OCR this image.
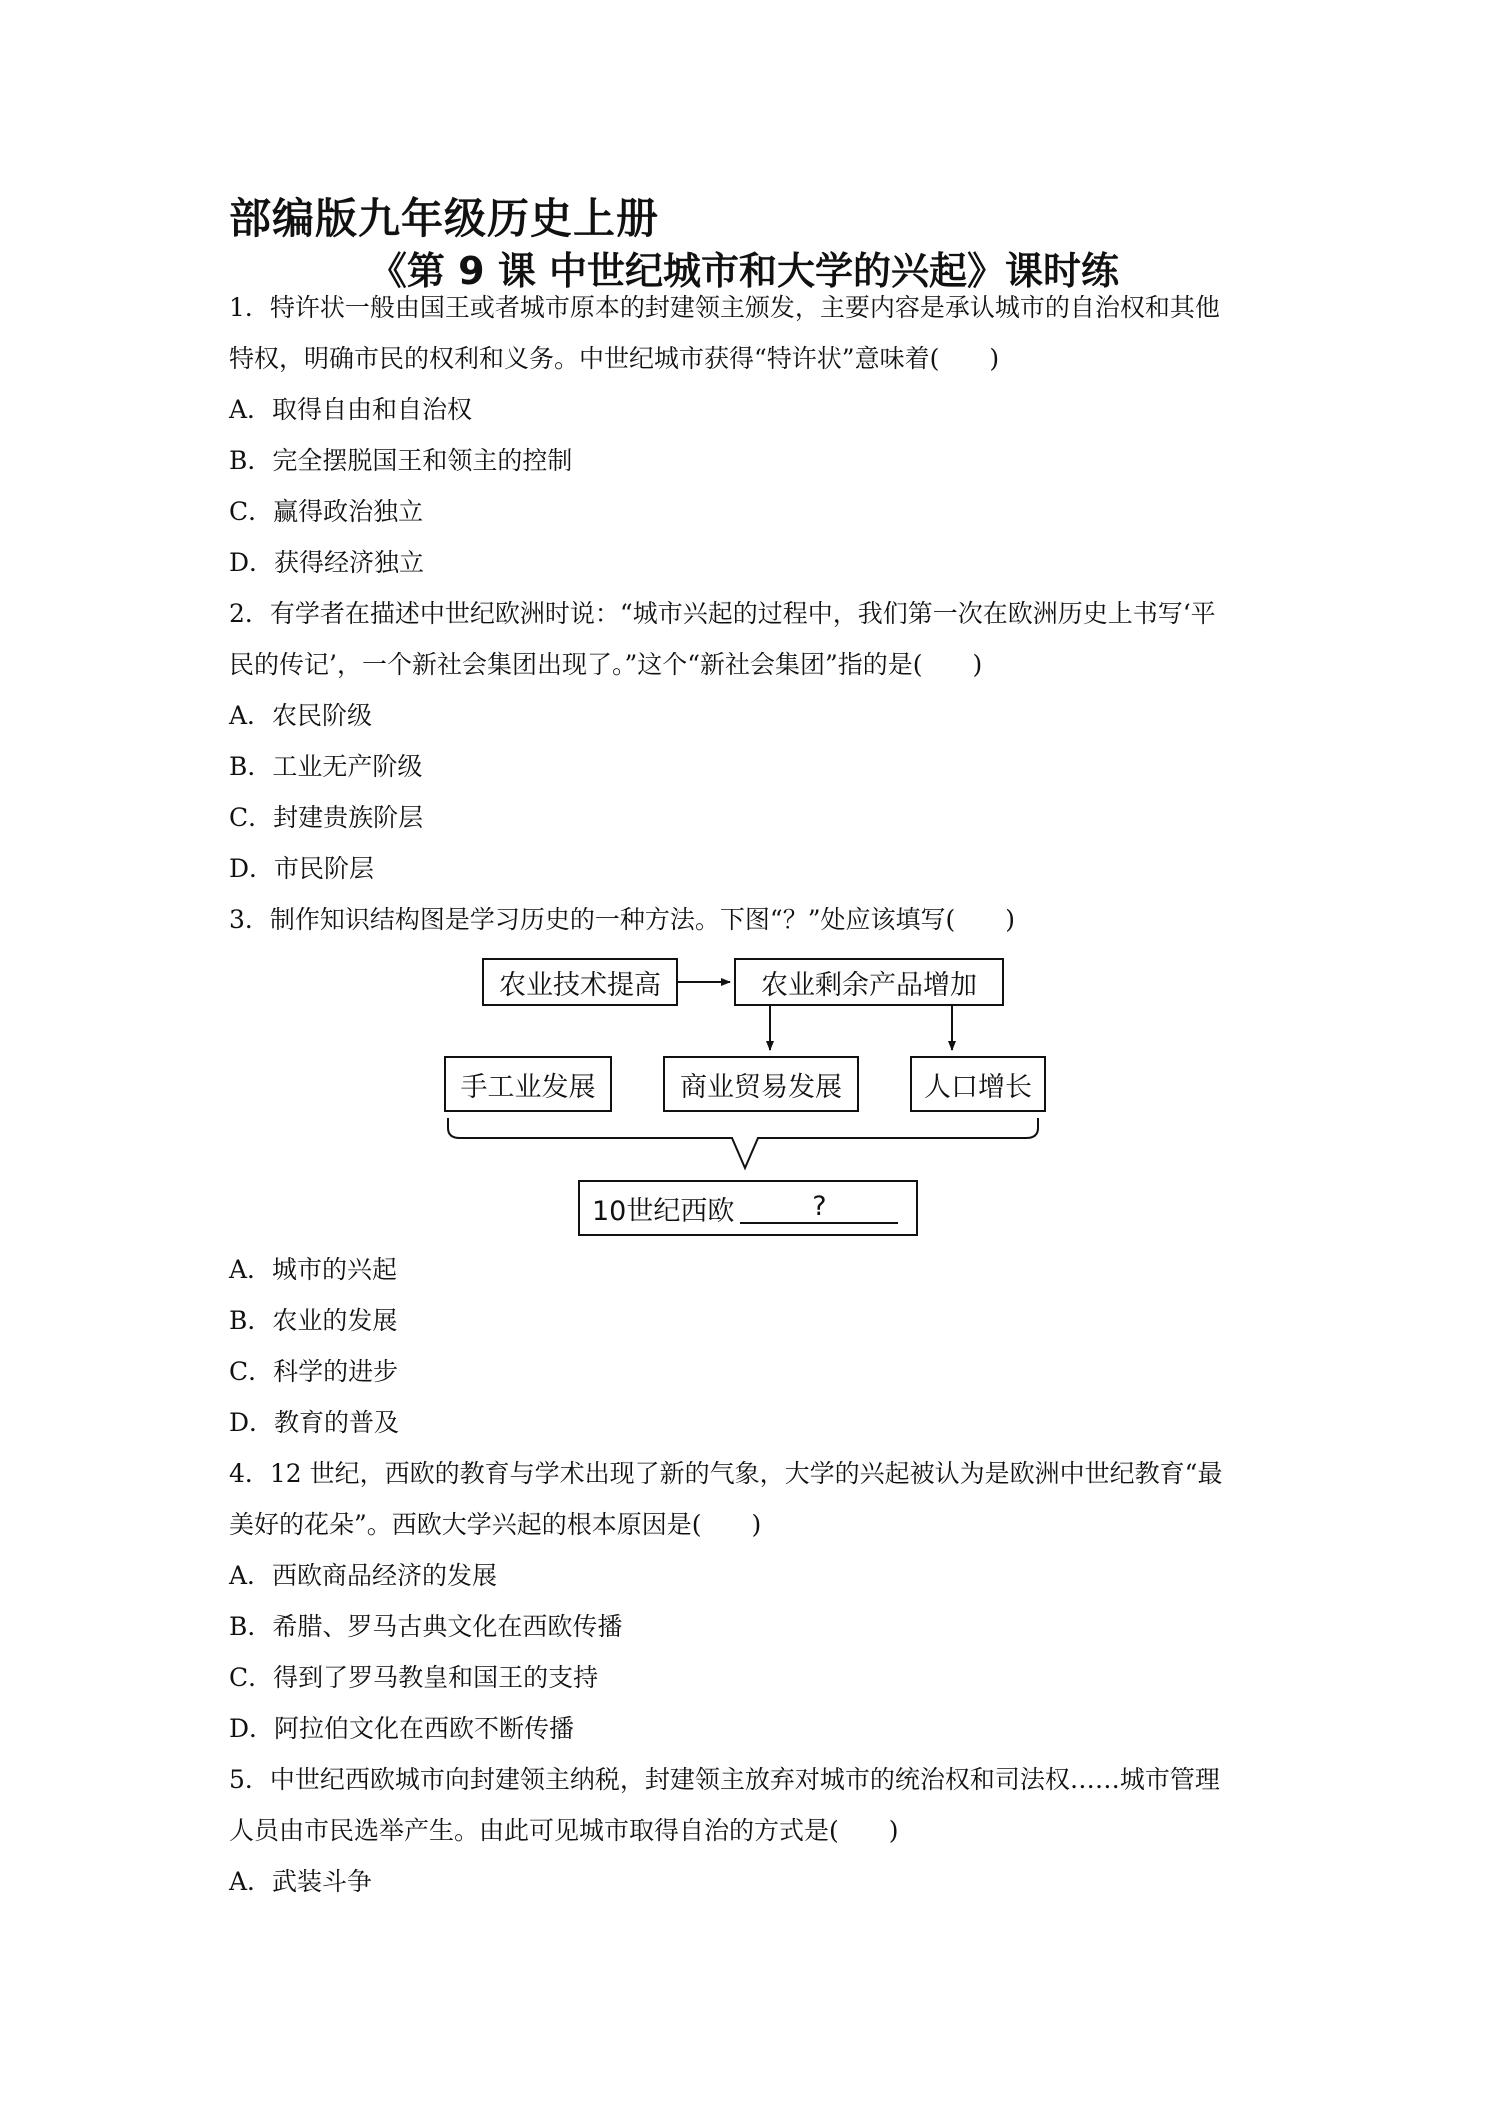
部编版九年级历史上册
《第 9 课 中世纪城市和大学的兴起》课时练
1．特许状一般由国王或者城市原本的封建领主颁发，主要内容是承认城市的自治权和其他
特权，明确市民的权利和义务。中世纪城市获得“特许状”意味着(　　)
A．取得自由和自治权
B．完全摆脱国王和领主的控制
C．赢得政治独立
D．获得经济独立
2．有学者在描述中世纪欧洲时说：“城市兴起的过程中，我们第一次在欧洲历史上书写‘平
民的传记’，一个新社会集团出现了。”这个“新社会集团”指的是(　　)
A．农民阶级
B．工业无产阶级
C．封建贵族阶层
D．市民阶层
3．制作知识结构图是学习历史的一种方法。下图“？”处应该填写(　　)
农业技术提高	农业剩余产品增加
手工业发展	商业贸易发展	人口增长
10世纪西欧	?
A．城市的兴起
B．农业的发展
C．科学的进步
D．教育的普及
4．12 世纪，西欧的教育与学术出现了新的气象，大学的兴起被认为是欧洲中世纪教育“最
美好的花朵”。西欧大学兴起的根本原因是(　　)
A．西欧商品经济的发展
B．希腊、罗马古典文化在西欧传播
C．得到了罗马教皇和国王的支持
D．阿拉伯文化在西欧不断传播
5．中世纪西欧城市向封建领主纳税，封建领主放弃对城市的统治权和司法权……城市管理
人员由市民选举产生。由此可见城市取得自治的方式是(　　)
A．武装斗争
